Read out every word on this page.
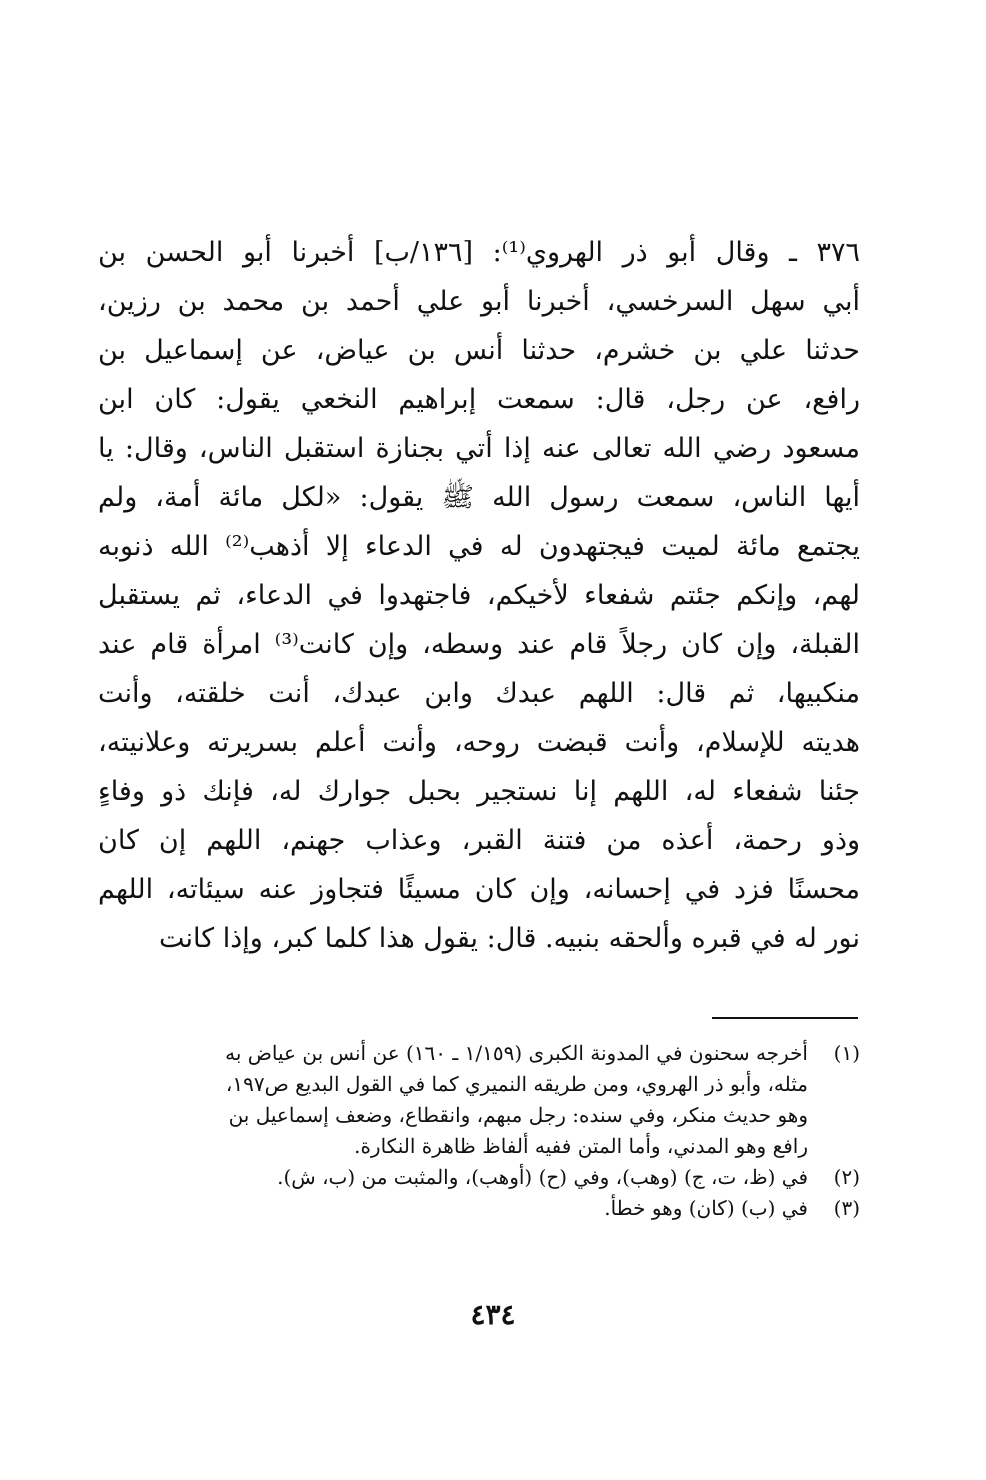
٣٧٦ ـ وقال أبو ذر الهروي⁽¹⁾: [١٣٦/ب] أخبرنا أبو الحسن بن
أبي سهل السرخسي، أخبرنا أبو علي أحمد بن محمد بن رزين،
حدثنا علي بن خشرم، حدثنا أنس بن عياض، عن إسماعيل بن
رافع، عن رجل، قال: سمعت إبراهيم النخعي يقول: كان ابن
مسعود رضي الله تعالى عنه إذا أتي بجنازة استقبل الناس، وقال: يا
أيها الناس، سمعت رسول الله ﷺ يقول: «لكل مائة أمة، ولم
يجتمع مائة لميت فيجتهدون له في الدعاء إلا أذهب⁽²⁾ الله ذنوبه
لهم، وإنكم جئتم شفعاء لأخيكم، فاجتهدوا في الدعاء، ثم يستقبل
القبلة، وإن كان رجلاً قام عند وسطه، وإن كانت⁽³⁾ امرأة قام عند
منكبيها، ثم قال: اللهم عبدك وابن عبدك، أنت خلقته، وأنت
هديته للإسلام، وأنت قبضت روحه، وأنت أعلم بسريرته وعلانيته،
جئنا شفعاء له، اللهم إنا نستجير بحبل جوارك له، فإنك ذو وفاءٍ
وذو رحمة، أعذه من فتنة القبر، وعذاب جهنم، اللهم إن كان
محسنًا فزد في إحسانه، وإن كان مسيئًا فتجاوز عنه سيئاته، اللهم
نور له في قبره وألحقه بنبيه. قال: يقول هذا كلما كبر، وإذا كانت
(١)
أخرجه سحنون في المدونة الكبرى (١/١٥٩ ـ ١٦٠) عن أنس بن عياض به
مثله، وأبو ذر الهروي، ومن طريقه النميري كما في القول البديع ص١٩٧،
وهو حديث منكر، وفي سنده: رجل مبهم، وانقطاع، وضعف إسماعيل بن
رافع وهو المدني، وأما المتن ففيه ألفاظ ظاهرة النكارة.
(٢)
في (ظ، ت، ج) (وهب)، وفي (ح) (أوهب)، والمثبت من (ب، ش).
(٣)
في (ب) (كان) وهو خطأ.
٤٣٤
